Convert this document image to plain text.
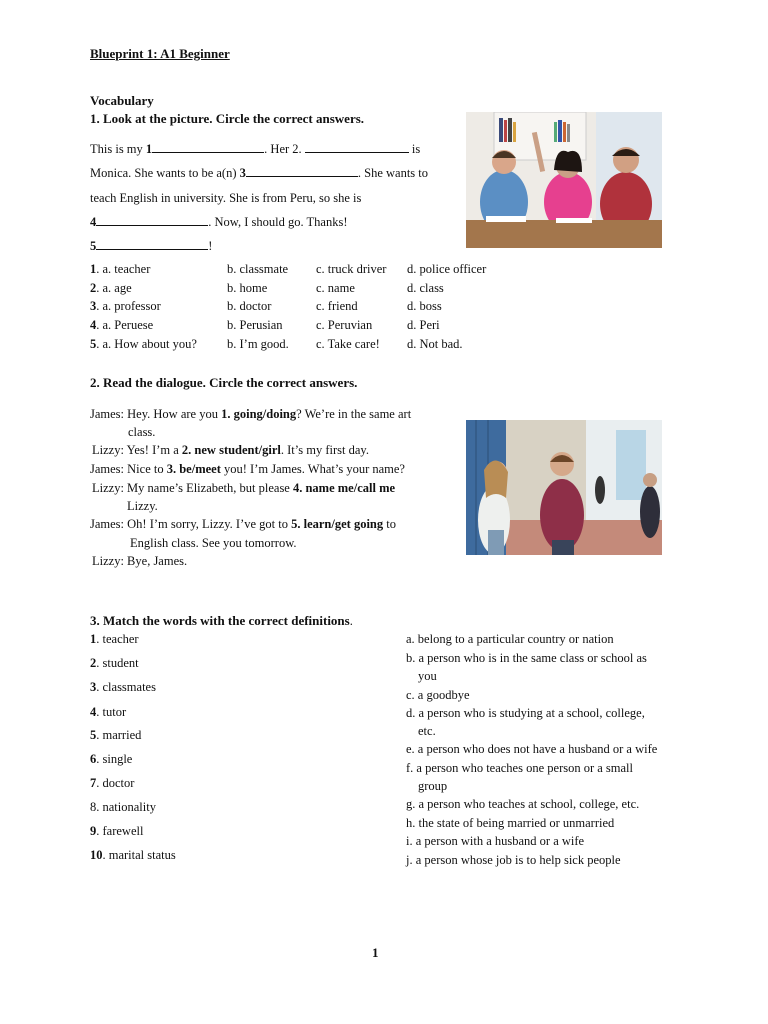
Blueprint 1: A1 Beginner
Vocabulary
1. Look at the picture. Circle the correct answers.
This is my 1	. Her 2.	is
Monica. She wants to be a(n) 3	. She wants to
teach English in university. She is from Peru, so she is
4	. Now, I should go. Thanks!
5	!
1. a. teacher	b. classmate c. truck driver d. police officer
2. a. age	b. home	c. name	d. class
3. a. professor	b. doctor	c. friend	d. boss
4. a. Peruese	b. Perusian	c. Peruvian	d. Peri
5. a. How about you? b. I’m good. c. Take care! d. Not bad.
2. Read the dialogue. Circle the correct answers.
James: Hey. How are you 1. going/doing? We’re in the same art
class.
Lizzy: Yes! I’m a 2. new student/girl. It’s my first day.
James: Nice to 3. be/meet you! I’m James. What’s your name?
Lizzy: My name’s Elizabeth, but please 4. name me/call me
Lizzy.
James: Oh! I’m sorry, Lizzy. I’ve got to 5. learn/get going to
English class. See you tomorrow.
Lizzy: Bye, James.
3. Match the words with the correct definitions.
1. teacher
2. student
3. classmates
4. tutor
5. married
6. single
7. doctor
8. nationality
9. farewell
10. marital status
a. belong to a particular country or nation
b. a person who is in the same class or school as
you
c. a goodbye
d. a person who is studying at a school, college,
etc.
e. a person who does not have a husband or a wife
f. a person who teaches one person or a small
group
g. a person who teaches at school, college, etc.
h. the state of being married or unmarried
i. a person with a husband or a wife
j. a person whose job is to help sick people
1
